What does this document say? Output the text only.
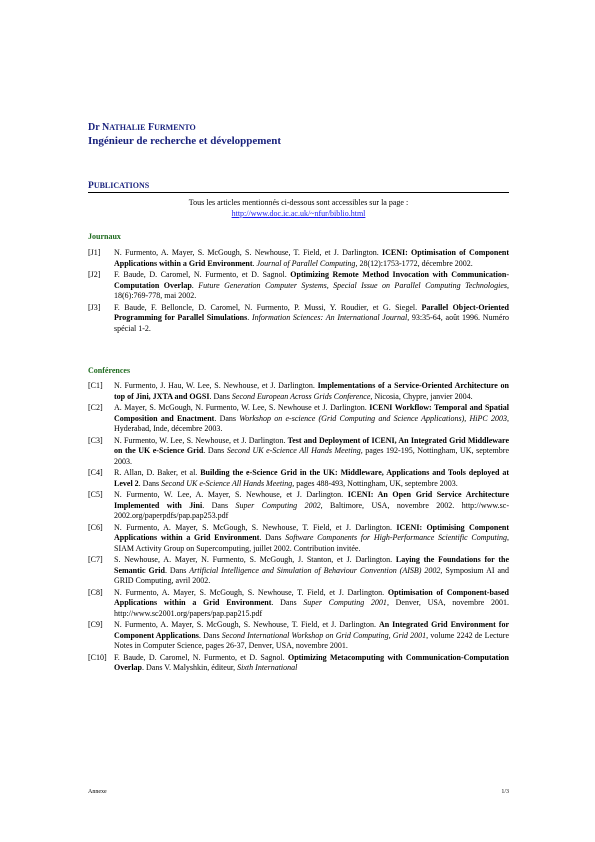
Dr NATHALIE FURMENTO
Ingénieur de recherche et développement
PUBLICATIONS
Tous les articles mentionnés ci-dessous sont accessibles sur la page :
http://www.doc.ic.ac.uk/~nfur/biblio.html
Journaux
[J1]	N. Furmento, A. Mayer, S. McGough, S. Newhouse, T. Field, et J. Darlington. ICENI: Optimisation of Component Applications within a Grid Environment. Journal of Parallel Computing, 28(12):1753-1772, décembre 2002.
[J2]	F. Baude, D. Caromel, N. Furmento, et D. Sagnol. Optimizing Remote Method Invocation with Communication-Computation Overlap. Future Generation Computer Systems, Special Issue on Parallel Computing Technologies, 18(6):769-778, mai 2002.
[J3]	F. Baude, F. Belloncle, D. Caromel, N. Furmento, P. Mussi, Y. Roudier, et G. Siegel. Parallel Object-Oriented Programming for Parallel Simulations. Information Sciences: An International Journal, 93:35-64, août 1996. Numéro spécial 1-2.
Conférences
[C1]	N. Furmento, J. Hau, W. Lee, S. Newhouse, et J. Darlington. Implementations of a Service-Oriented Architecture on top of Jini, JXTA and OGSI. Dans Second European Across Grids Conference, Nicosia, Chypre, janvier 2004.
[C2]	A. Mayer, S. McGough, N. Furmento, W. Lee, S. Newhouse et J. Darlington. ICENI Workflow: Temporal and Spatial Composition and Enactment. Dans Workshop on e-science (Grid Computing and Science Applications), HiPC 2003, Hyderabad, Inde, décembre 2003.
[C3]	N. Furmento, W. Lee, S. Newhouse, et J. Darlington. Test and Deployment of ICENI, An Integrated Grid Middleware on the UK e-Science Grid. Dans Second UK e-Science All Hands Meeting, pages 192-195, Nottingham, UK, septembre 2003.
[C4]	R. Allan, D. Baker, et al. Building the e-Science Grid in the UK: Middleware, Applications and Tools deployed at Level 2. Dans Second UK e-Science All Hands Meeting, pages 488-493, Nottingham, UK, septembre 2003.
[C5]	N. Furmento, W. Lee, A. Mayer, S. Newhouse, et J. Darlington. ICENI: An Open Grid Service Architecture Implemented with Jini. Dans Super Computing 2002, Baltimore, USA, novembre 2002. http://www.sc-2002.org/paperpdfs/pap.pap253.pdf
[C6]	N. Furmento, A. Mayer, S. McGough, S. Newhouse, T. Field, et J. Darlington. ICENI: Optimising Component Applications within a Grid Environment. Dans Software Components for High-Performance Scientific Computing, SIAM Activity Group on Supercomputing, juillet 2002. Contribution invitée.
[C7]	S. Newhouse, A. Mayer, N. Furmento, S. McGough, J. Stanton, et J. Darlington. Laying the Foundations for the Semantic Grid. Dans Artificial Intelligence and Simulation of Behaviour Convention (AISB) 2002, Symposium AI and GRID Computing, avril 2002.
[C8]	N. Furmento, A. Mayer, S. McGough, S. Newhouse, T. Field, et J. Darlington. Optimisation of Component-based Applications within a Grid Environment. Dans Super Computing 2001, Denver, USA, novembre 2001. http://www.sc2001.org/papers/pap.pap215.pdf
[C9]	N. Furmento, A. Mayer, S. McGough, S. Newhouse, T. Field, et J. Darlington. An Integrated Grid Environment for Component Applications. Dans Second International Workshop on Grid Computing, Grid 2001, volume 2242 de Lecture Notes in Computer Science, pages 26-37, Denver, USA, novembre 2001.
[C10] F. Baude, D. Caromel, N. Furmento, et D. Sagnol. Optimizing Metacomputing with Communication-Computation Overlap. Dans V. Malyshkin, éditeur, Sixth International
Annexe	1/3
